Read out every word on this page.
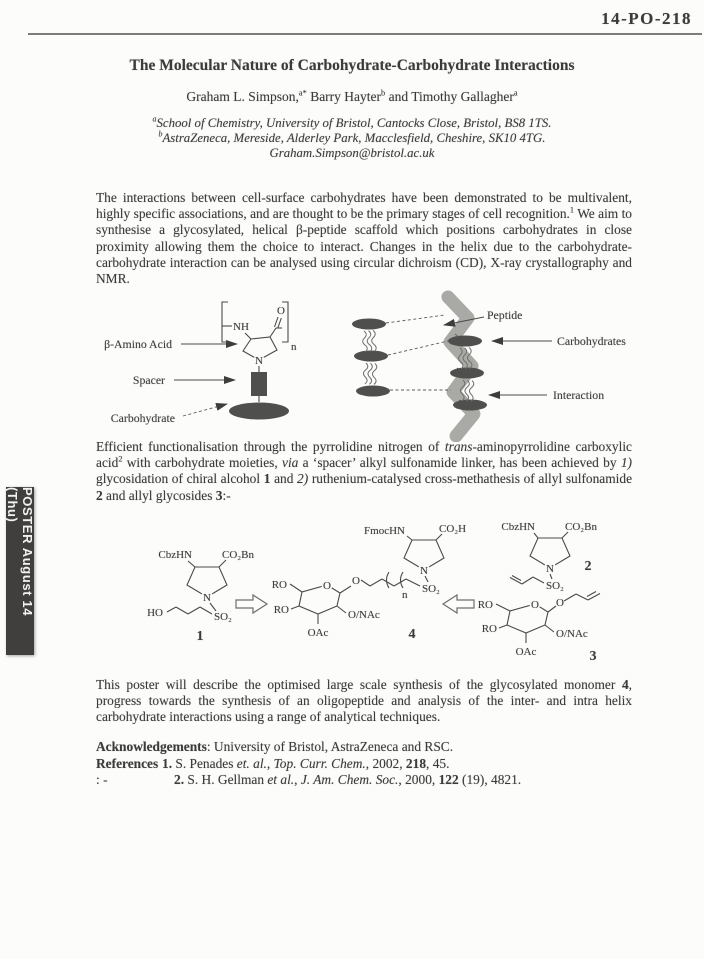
14-PO-218
The Molecular Nature of Carbohydrate-Carbohydrate Interactions
Graham L. Simpson,$^{a*}$ Barry Hayter$^b$ and Timothy Gallagher$^a$
$^a$School of Chemistry, University of Bristol, Cantocks Close, Bristol, BS8 1TS.
$^b$AstraZeneca, Mereside, Alderley Park, Macclesfield, Cheshire, SK10 4TG.
Graham.Simpson@bristol.ac.uk

The interactions between cell-surface carbohydrates have been demonstrated to be multivalent, highly specific associations, and are thought to be the primary stages of cell recognition.$^1$ We aim to synthesise a glycosylated, helical β-peptide scaffold which positions carbohydrates in close proximity allowing them the choice to interact. Changes in the helix due to the carbohydrate-carbohydrate interaction can be analysed using circular dichroism (CD), X-ray crystallography and NMR.

β-Amino Acid
Spacer
Carbohydrate
n
NH
N
O	Peptide
Carbohydrates
Interaction

Efficient functionalisation through the pyrrolidine nitrogen of trans-aminopyrrolidine carboxylic acid$^2$ with carbohydrate moieties, via a ‘spacer’ alkyl sulfonamide linker, has been achieved by 1) glycosidation of chiral alcohol 1 and 2) ruthenium-catalysed cross-methathesis of allyl sulfonamide 2 and allyl glycosides 3:-

CbzHN	CO₂Bn
N
SO₂
HO
1
FmocHN	CO₂H
N
SO₂
n
O
O
RO
RO
OAc
O/NAc
4
CbzHN	CO₂Bn
N
SO₂
2
O O
RO
RO
OAc
O/NAc
3

This poster will describe the optimised large scale synthesis of the glycosylated monomer 4, progress towards the synthesis of an oligopeptide and analysis of the inter- and intra helix carbohydrate interactions using a range of analytical techniques.

Acknowledgements: University of Bristol, AstraZeneca and RSC.
References : -
1. S. Penades et. al., Top. Curr. Chem., 2002, 218, 45.
2. S. H. Gellman et al., J. Am. Chem. Soc., 2000, 122 (19), 4821.
POSTER August 14 (Thu)
